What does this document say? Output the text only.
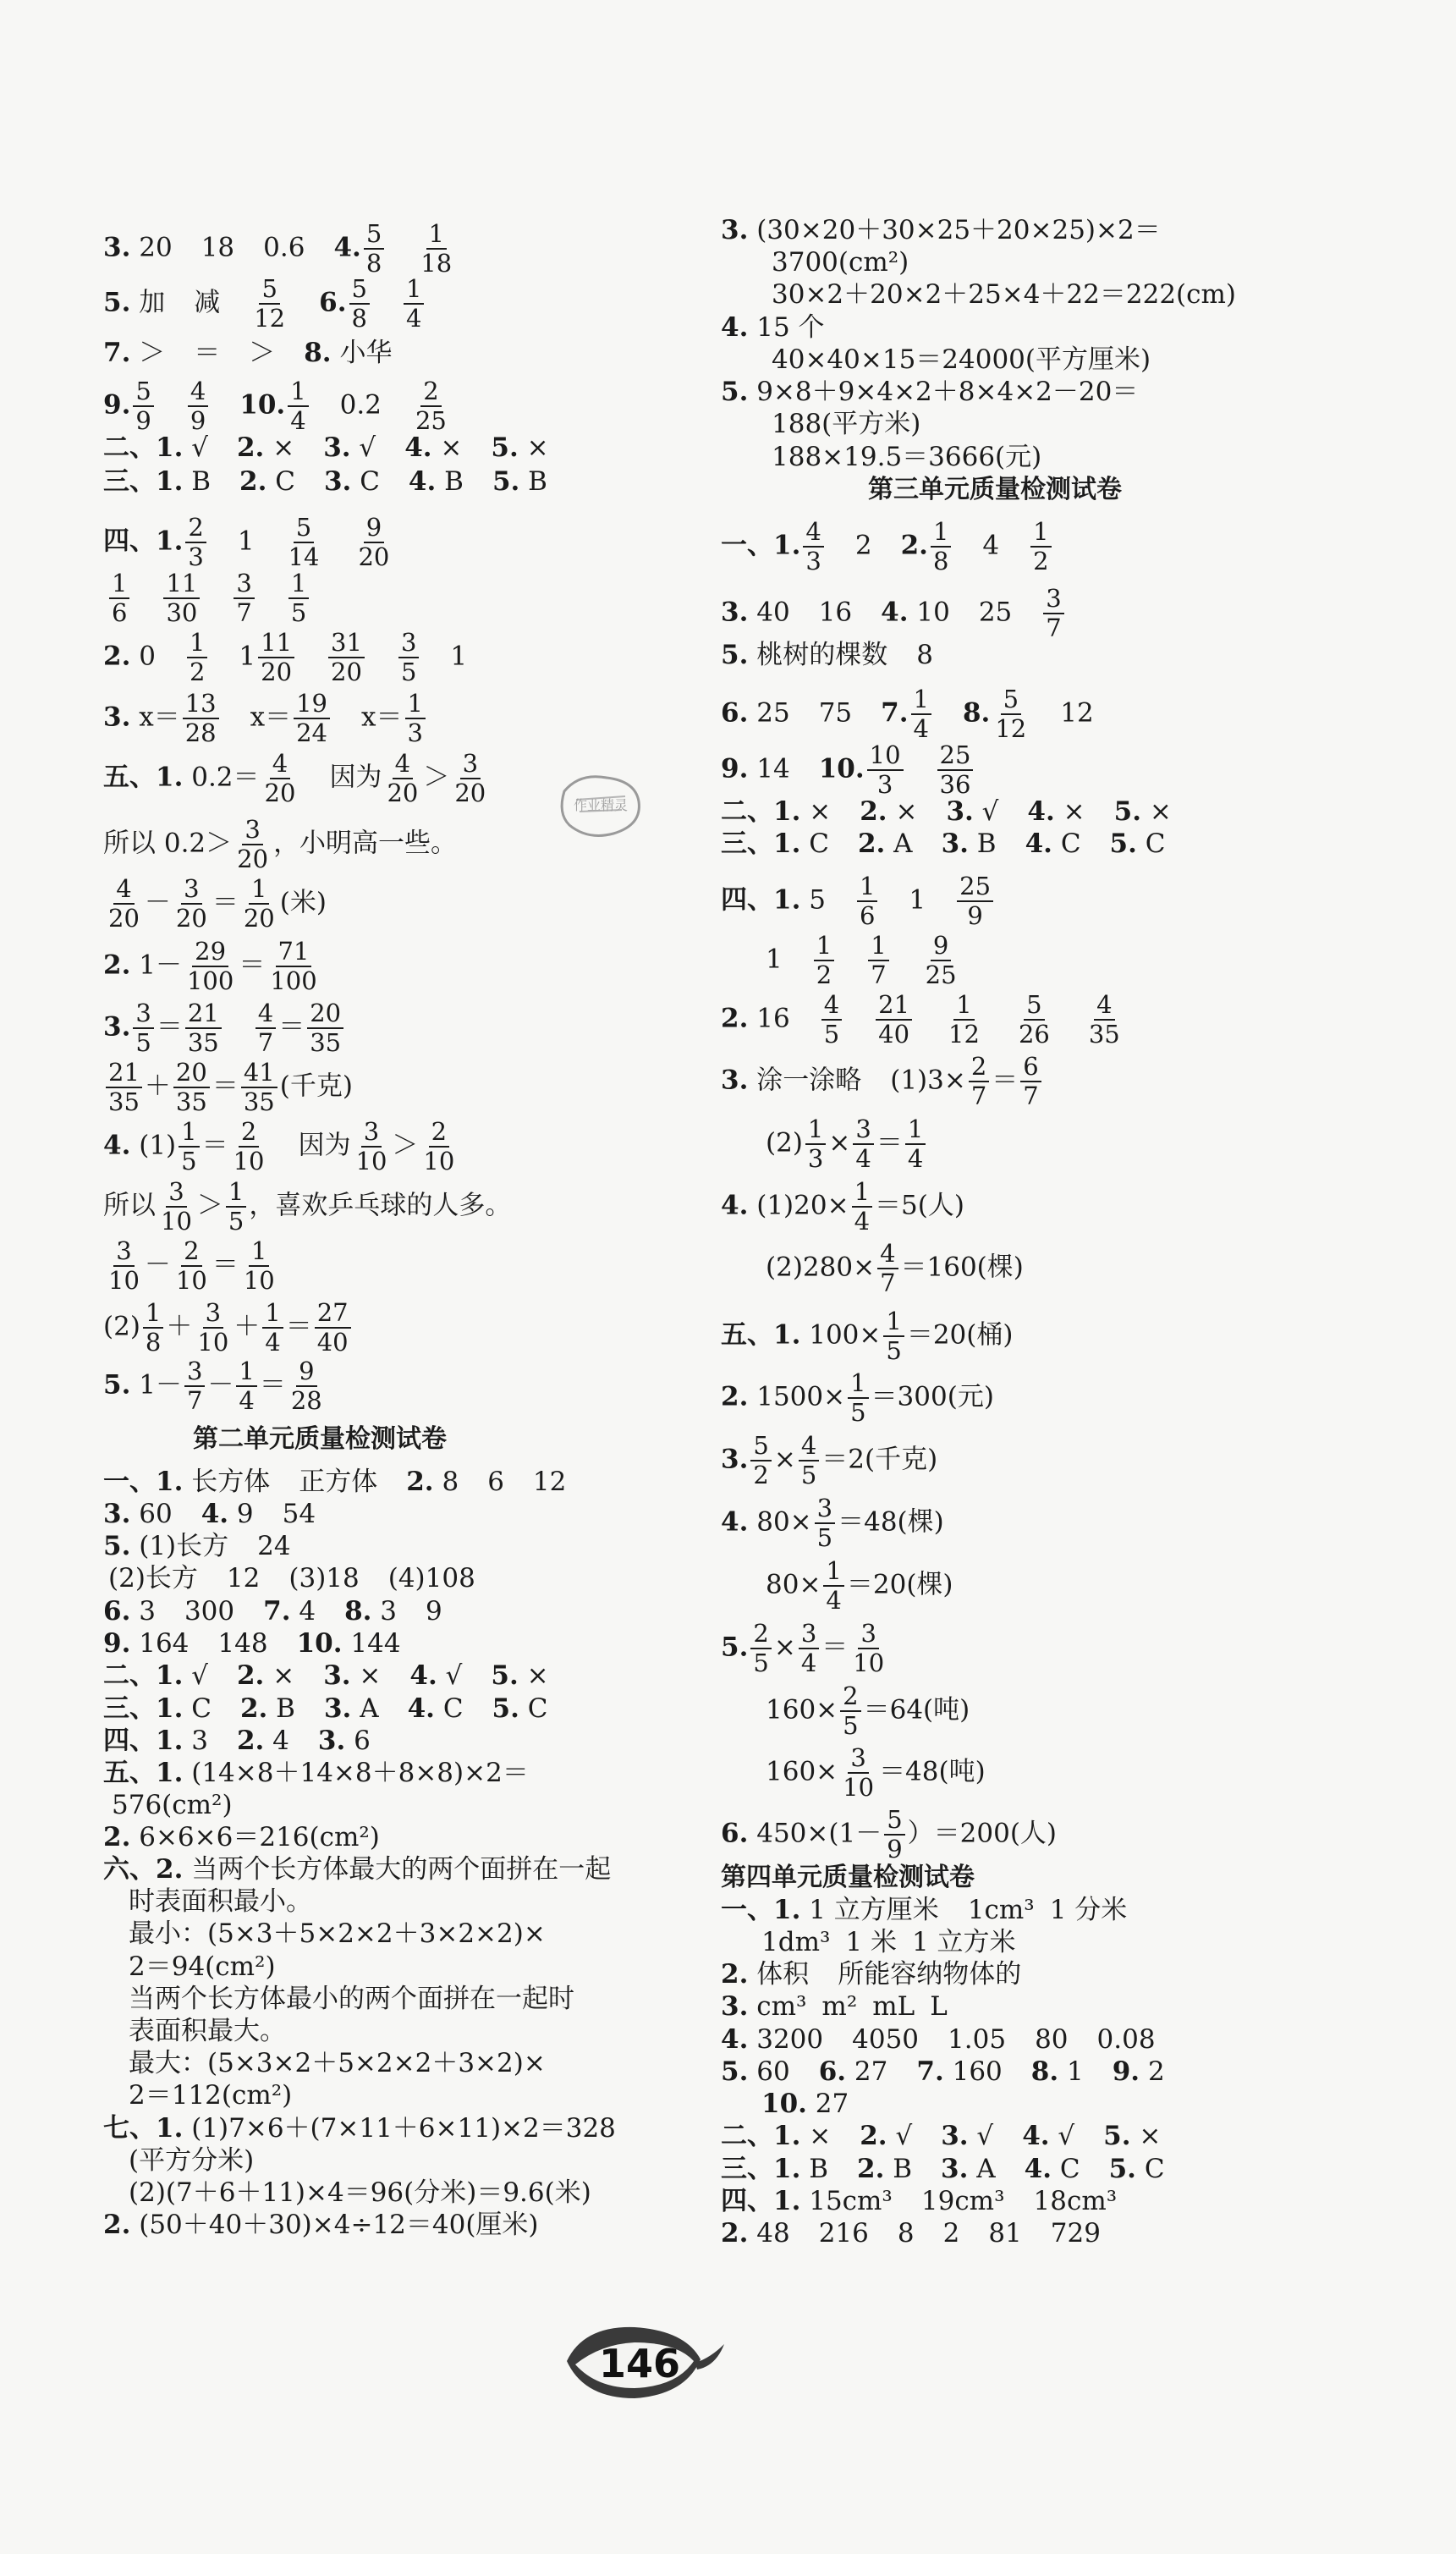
3. 20 18 0.6 4. $\frac{5}{8} \frac{1}{18}$
5. 加 减 $\frac{5}{12} 6$. $\frac{5}{8} \frac{1}{4}$
7. ＞ ＝ ＞ 8. 小华
9. $\frac{5}{9} \frac{4}{9} 10$. $\frac{1}{4} 0.2 \frac{2}{25}$
二、1. √ 2. × 3. √ 4. × 5. ×
三、1. B 2. C 3. C 4. B 5. B
四、1. $\frac{2}{3} 1 \frac{5}{14} \frac{9}{20}$
$\frac{1}{6} \frac{11}{30} \frac{3}{7} \frac{1}{5}$
2. $0 \frac{1}{2} 1 \frac{11}{20} \frac{31}{20} \frac{3}{5} 1$
3. $x= \frac{13}{28} x= \frac{19}{24} x= \frac{1}{3}$
五、1. $0.2= \frac{4}{20}$ 因为 $\frac{4}{20} > \frac{3}{20}$
所以 $0.2> \frac{3}{20}$ ，小明高一些。
$\frac{4}{20} - \frac{3}{20} = \frac{1}{20}$ (米)
2. $1- \frac{29}{100} = \frac{71}{100}$
3. $\frac{3}{5} = \frac{21}{35} \frac{4}{7} = \frac{20}{35}$
$\frac{21}{35} + \frac{20}{35} = \frac{41}{35}$ (千克)
4. $(1) \frac{1}{5} = \frac{2}{10}$ 因为 $\frac{3}{10} > \frac{2}{10}$
所以 $\frac{3}{10} > \frac{1}{5}$ ，喜欢乒乓球的人多。
$\frac{3}{10} - \frac{2}{10} = \frac{1}{10}$
$(2) \frac{1}{8} + \frac{3}{10} + \frac{1}{4} = \frac{27}{40}$
5. $1- \frac{3}{7} - \frac{1}{4} = \frac{9}{28}$
第二单元质量检测试卷
一、1. 长方体 正方体 2. 8 6 12
3. 60 4. 9 54
5. (1)长方 24
(2)长方 12 (3)18 (4)108
6. 3 300 7. 4 8. 3 9
9. 164 148 10. 144
二、1. √ 2. × 3. × 4. √ 5. ×
三、1. C 2. B 3. A 4. C 5. C
四、1. 3 2. 4 3. 6
五、1. (14×8＋14×8＋8×8)×2＝
576(cm²)
2. 6×6×6＝216(cm²)
六、2. 当两个长方体最大的两个面拼在一起
时表面积最小。
最小：(5×3＋5×2×2＋3×2×2)×
2＝94(cm²)
当两个长方体最小的两个面拼在一起时
表面积最大。
最大：(5×3×2＋5×2×2＋3×2)×
2＝112(cm²)
七、1. (1)7×6＋(7×11＋6×11)×2＝328
(平方分米)
(2)(7＋6＋11)×4＝96(分米)＝9.6(米)
2. (50＋40＋30)×4÷12＝40(厘米)
3. (30×20＋30×25＋20×25)×2＝
3700(cm²)
30×2＋20×2＋25×4＋22＝222(cm)
4. 15 个
40×40×15＝24000(平方厘米)
5. 9×8＋9×4×2＋8×4×2－20＝
188(平方米)
188×19.5＝3666(元)
第三单元质量检测试卷
一、1. $\frac{4}{3} 2$ 2. $\frac{1}{8} 4 \frac{1}{2}$
3. 40 16 4. 10 $25 \frac{3}{7}$
5. 桃树的棵数 8
6. 25 75 7. $\frac{1}{4} 8$. $\frac{5}{12} 12$
9. 14 10. $\frac{10}{3} \frac{25}{36}$
二、1. × 2. × 3. √ 4. × 5. ×
三、1. C 2. A 3. B 4. C 5. C
四、1. $5 \frac{1}{6} 1 \frac{25}{9}$
$1 \frac{1}{2} \frac{1}{7} \frac{9}{25}$
2. $16 \frac{4}{5} \frac{21}{40} \frac{1}{12} \frac{5}{26} \frac{4}{35}$
3. 涂一涂略 $(1)3\times \frac{2}{7} = \frac{6}{7}$
$(2) \frac{1}{3} \times \frac{3}{4} = \frac{1}{4}$
4. $(1)20\times \frac{1}{4} =5$(人)
$(2)280\times \frac{4}{7} =160$(棵)
五、1. $100\times \frac{1}{5} =20$(桶)
2. $1500\times \frac{1}{5} =300$(元)
3. $\frac{5}{2} \times \frac{4}{5} =2$(千克)
4. $80\times \frac{3}{5} =48$(棵)
$80\times \frac{1}{4} =20$(棵)
5. $\frac{2}{5} \times \frac{3}{4} = \frac{3}{10}$
$160\times \frac{2}{5} =64$(吨)
$160\times \frac{3}{10} =48$(吨)
6. $450\times(1- \frac{5}{9} )=200$(人)
第四单元质量检测试卷
一、1. 1 立方厘米 1cm³ 1 分米
1dm³ 1 米 1 立方米
2. 体积 所能容纳物体的
3. cm³ m² mL L
4. 3200 4050 1.05 80 0.08
5. 60 6. 27 7. 160 8. 1 9. 2
10. 27
二、1. × 2. √ 3. √ 4. √ 5. ×
三、1. B 2. B 3. A 4. C 5. C
四、1. 15cm³ 19cm³ 18cm³
2. 48 216 8 2 81 729
作业精灵
146
